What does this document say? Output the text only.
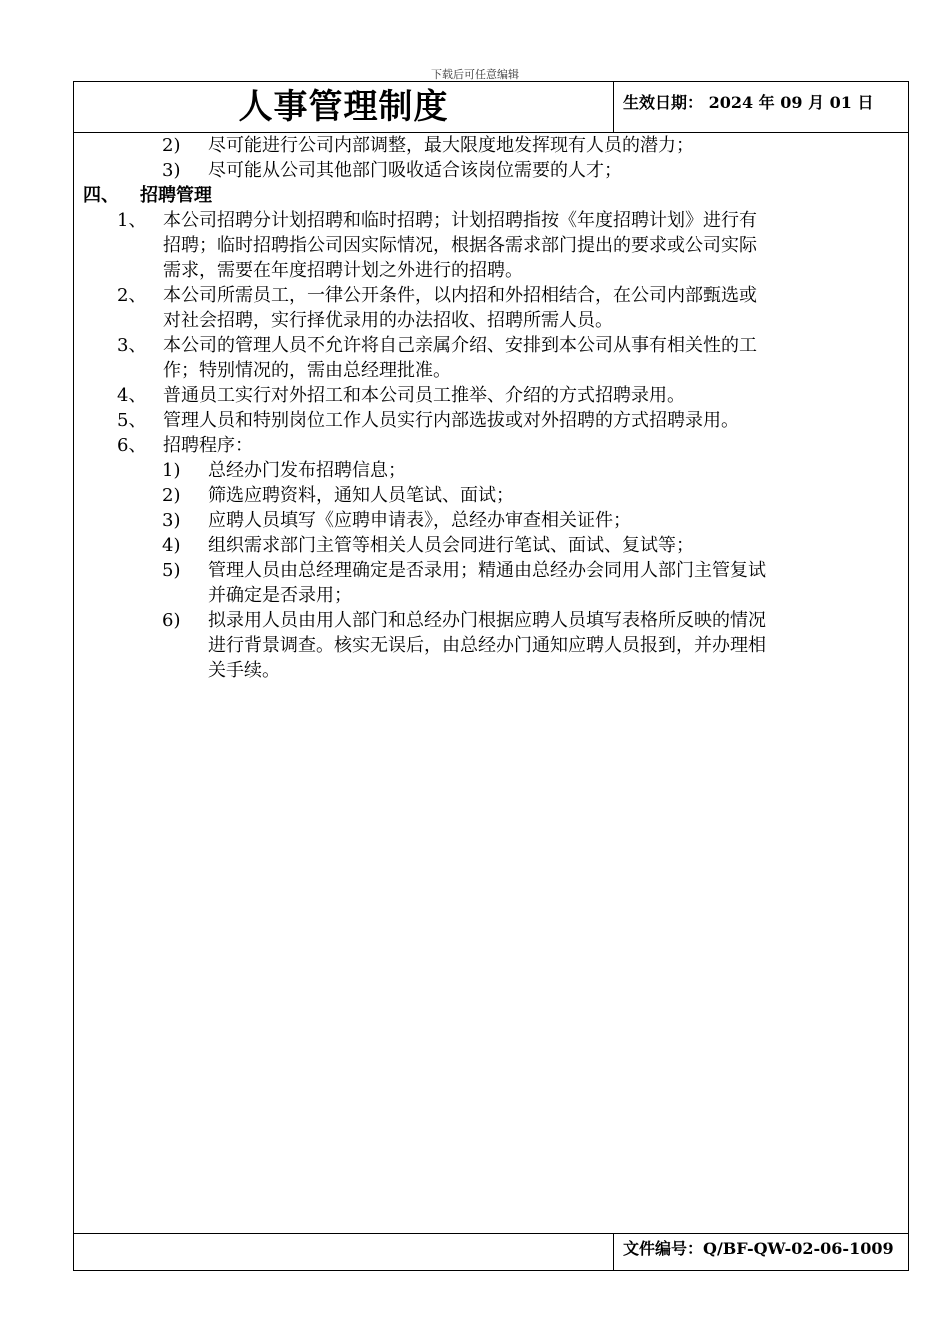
下载后可任意编辑
人事管理制度	生效日期： 2024 年 09 月 01 日
2) 尽可能进行公司内部调整，最大限度地发挥现有人员的潜力；
3) 尽可能从公司其他部门吸收适合该岗位需要的人才；
四、 招聘管理
1、 本公司招聘分计划招聘和临时招聘；计划招聘指按《年度招聘计划》进行有
招聘；临时招聘指公司因实际情况，根据各需求部门提出的要求或公司实际
需求，需要在年度招聘计划之外进行的招聘。
2、 本公司所需员工，一律公开条件，以内招和外招相结合，在公司内部甄选或
对社会招聘，实行择优录用的办法招收、招聘所需人员。
3、 本公司的管理人员不允许将自己亲属介绍、安排到本公司从事有相关性的工
作；特别情况的，需由总经理批准。
4、 普通员工实行对外招工和本公司员工推举、介绍的方式招聘录用。
5、 管理人员和特别岗位工作人员实行内部选拔或对外招聘的方式招聘录用。
6、 招聘程序：
1) 总经办门发布招聘信息；
2) 筛选应聘资料，通知人员笔试、面试；
3) 应聘人员填写《应聘申请表》，总经办审查相关证件；
4) 组织需求部门主管等相关人员会同进行笔试、面试、复试等；
5) 管理人员由总经理确定是否录用；精通由总经办会同用人部门主管复试
并确定是否录用；
6) 拟录用人员由用人部门和总经办门根据应聘人员填写表格所反映的情况
进行背景调查。核实无误后，由总经办门通知应聘人员报到，并办理相
关手续。
文件编号：Q/BF-QW-02-06-1009
